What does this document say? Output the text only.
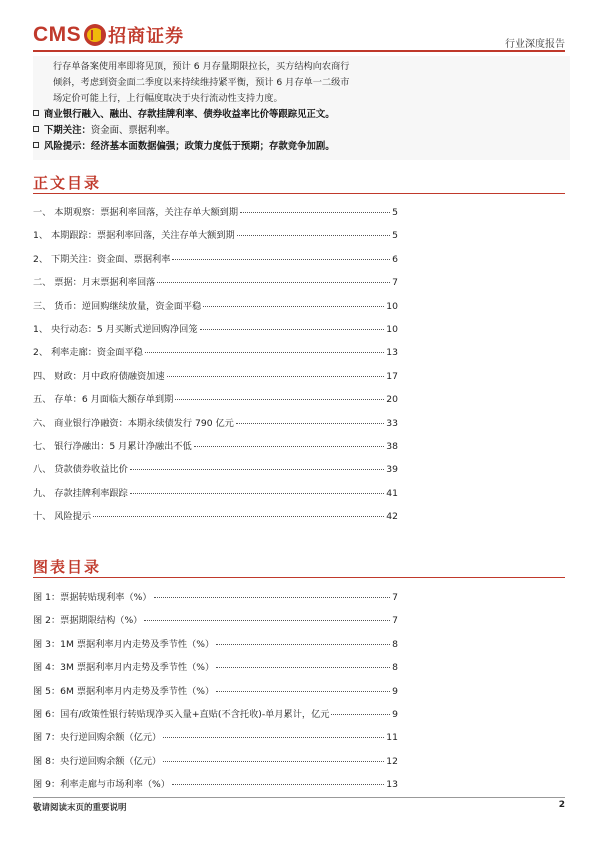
CMS 招商证券	行业深度报告
行存单备案使用率即将见顶，预计 6 月存量期限拉长，买方结构向农商行
倾斜，考虑到资金面二季度以来持续维持紧平衡，预计 6 月存单一二级市
场定价可能上行，上行幅度取决于央行流动性支持力度。
商业银行融入、融出、存款挂牌利率、债券收益率比价等跟踪见正文。
下期关注：资金面、票据利率。
风险提示：经济基本面数据偏强；政策力度低于预期；存款竞争加剧。
正文目录
一、 本期观察：票据利率回落，关注存单大额到期	5
1、 本期跟踪：票据利率回落，关注存单大额到期	5
2、 下期关注：资金面、票据利率	6
二、 票据：月末票据利率回落	7
三、 货币：逆回购继续放量，资金面平稳	10
1、 央行动态：5 月买断式逆回购净回笼	10
2、 利率走廊：资金面平稳	13
四、 财政：月中政府债融资加速	17
五、 存单：6 月面临大额存单到期	20
六、 商业银行净融资：本期永续债发行 790 亿元	33
七、 银行净融出：5 月累计净融出不低	38
八、 贷款债券收益比价	39
九、 存款挂牌利率跟踪	41
十、 风险提示	42
图表目录
图 1：票据转贴现利率（%）	7
图 2：票据期限结构（%）	7
图 3：1M 票据利率月内走势及季节性（%）	8
图 4：3M 票据利率月内走势及季节性（%）	8
图 5：6M 票据利率月内走势及季节性（%）	9
图 6：国有/政策性银行转贴现净买入量+直贴(不含托收)-单月累计，亿元	9
图 7：央行逆回购余额（亿元）	11
图 8：央行逆回购余额（亿元）	12
图 9：利率走廊与市场利率（%）	13
敬请阅读末页的重要说明	2
